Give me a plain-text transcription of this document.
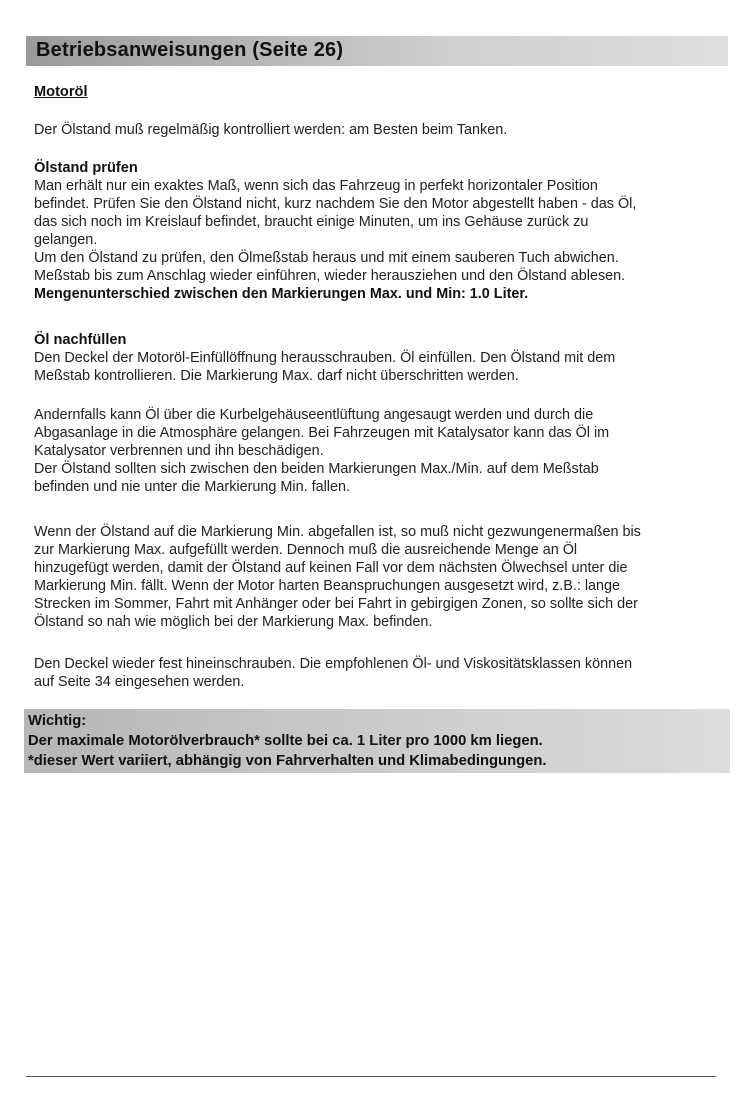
Betriebsanweisungen (Seite 26)
Motoröl
Der Ölstand muß regelmäßig kontrolliert werden: am Besten beim Tanken.
Ölstand prüfen
Man erhält nur ein exaktes Maß, wenn sich das Fahrzeug in perfekt horizontaler Position
befindet. Prüfen Sie den Ölstand nicht, kurz nachdem Sie den Motor abgestellt haben - das Öl,
das sich noch im Kreislauf befindet, braucht einige Minuten, um ins Gehäuse zurück zu
gelangen.
Um den Ölstand zu prüfen, den Ölmeßstab heraus und mit einem sauberen Tuch abwichen.
Meßstab bis zum Anschlag wieder einführen, wieder herausziehen und den Ölstand ablesen.
Mengenunterschied zwischen den Markierungen Max. und Min: 1.0 Liter.
Öl nachfüllen
Den Deckel der Motoröl-Einfüllöffnung herausschrauben. Öl einfüllen. Den Ölstand mit dem
Meßstab kontrollieren. Die Markierung Max. darf nicht überschritten werden.
Andernfalls kann Öl über die Kurbelgehäuseentlüftung angesaugt werden und durch die
Abgasanlage in die Atmosphäre gelangen. Bei Fahrzeugen mit Katalysator kann das Öl im
Katalysator verbrennen und ihn beschädigen.
Der Ölstand sollten sich zwischen den beiden Markierungen Max./Min. auf dem Meßstab
befinden und nie unter die Markierung Min. fallen.
Wenn der Ölstand auf die Markierung Min. abgefallen ist, so muß nicht gezwungenermaßen bis
zur Markierung Max. aufgefüllt werden. Dennoch muß die ausreichende Menge an Öl
hinzugefügt werden, damit der Ölstand auf keinen Fall vor dem nächsten Ölwechsel unter die
Markierung Min. fällt. Wenn der Motor harten Beanspruchungen ausgesetzt wird, z.B.: lange
Strecken im Sommer, Fahrt mit Anhänger oder bei Fahrt in gebirgigen Zonen, so sollte sich der
Ölstand so nah wie möglich bei der Markierung Max. befinden.
Den Deckel wieder fest hineinschrauben. Die empfohlenen Öl- und Viskositätsklassen können
auf Seite 34 eingesehen werden.
Wichtig:
Der maximale Motorölverbrauch* sollte bei ca. 1 Liter pro 1000 km liegen.
*dieser Wert variiert, abhängig von Fahrverhalten und Klimabedingungen.
